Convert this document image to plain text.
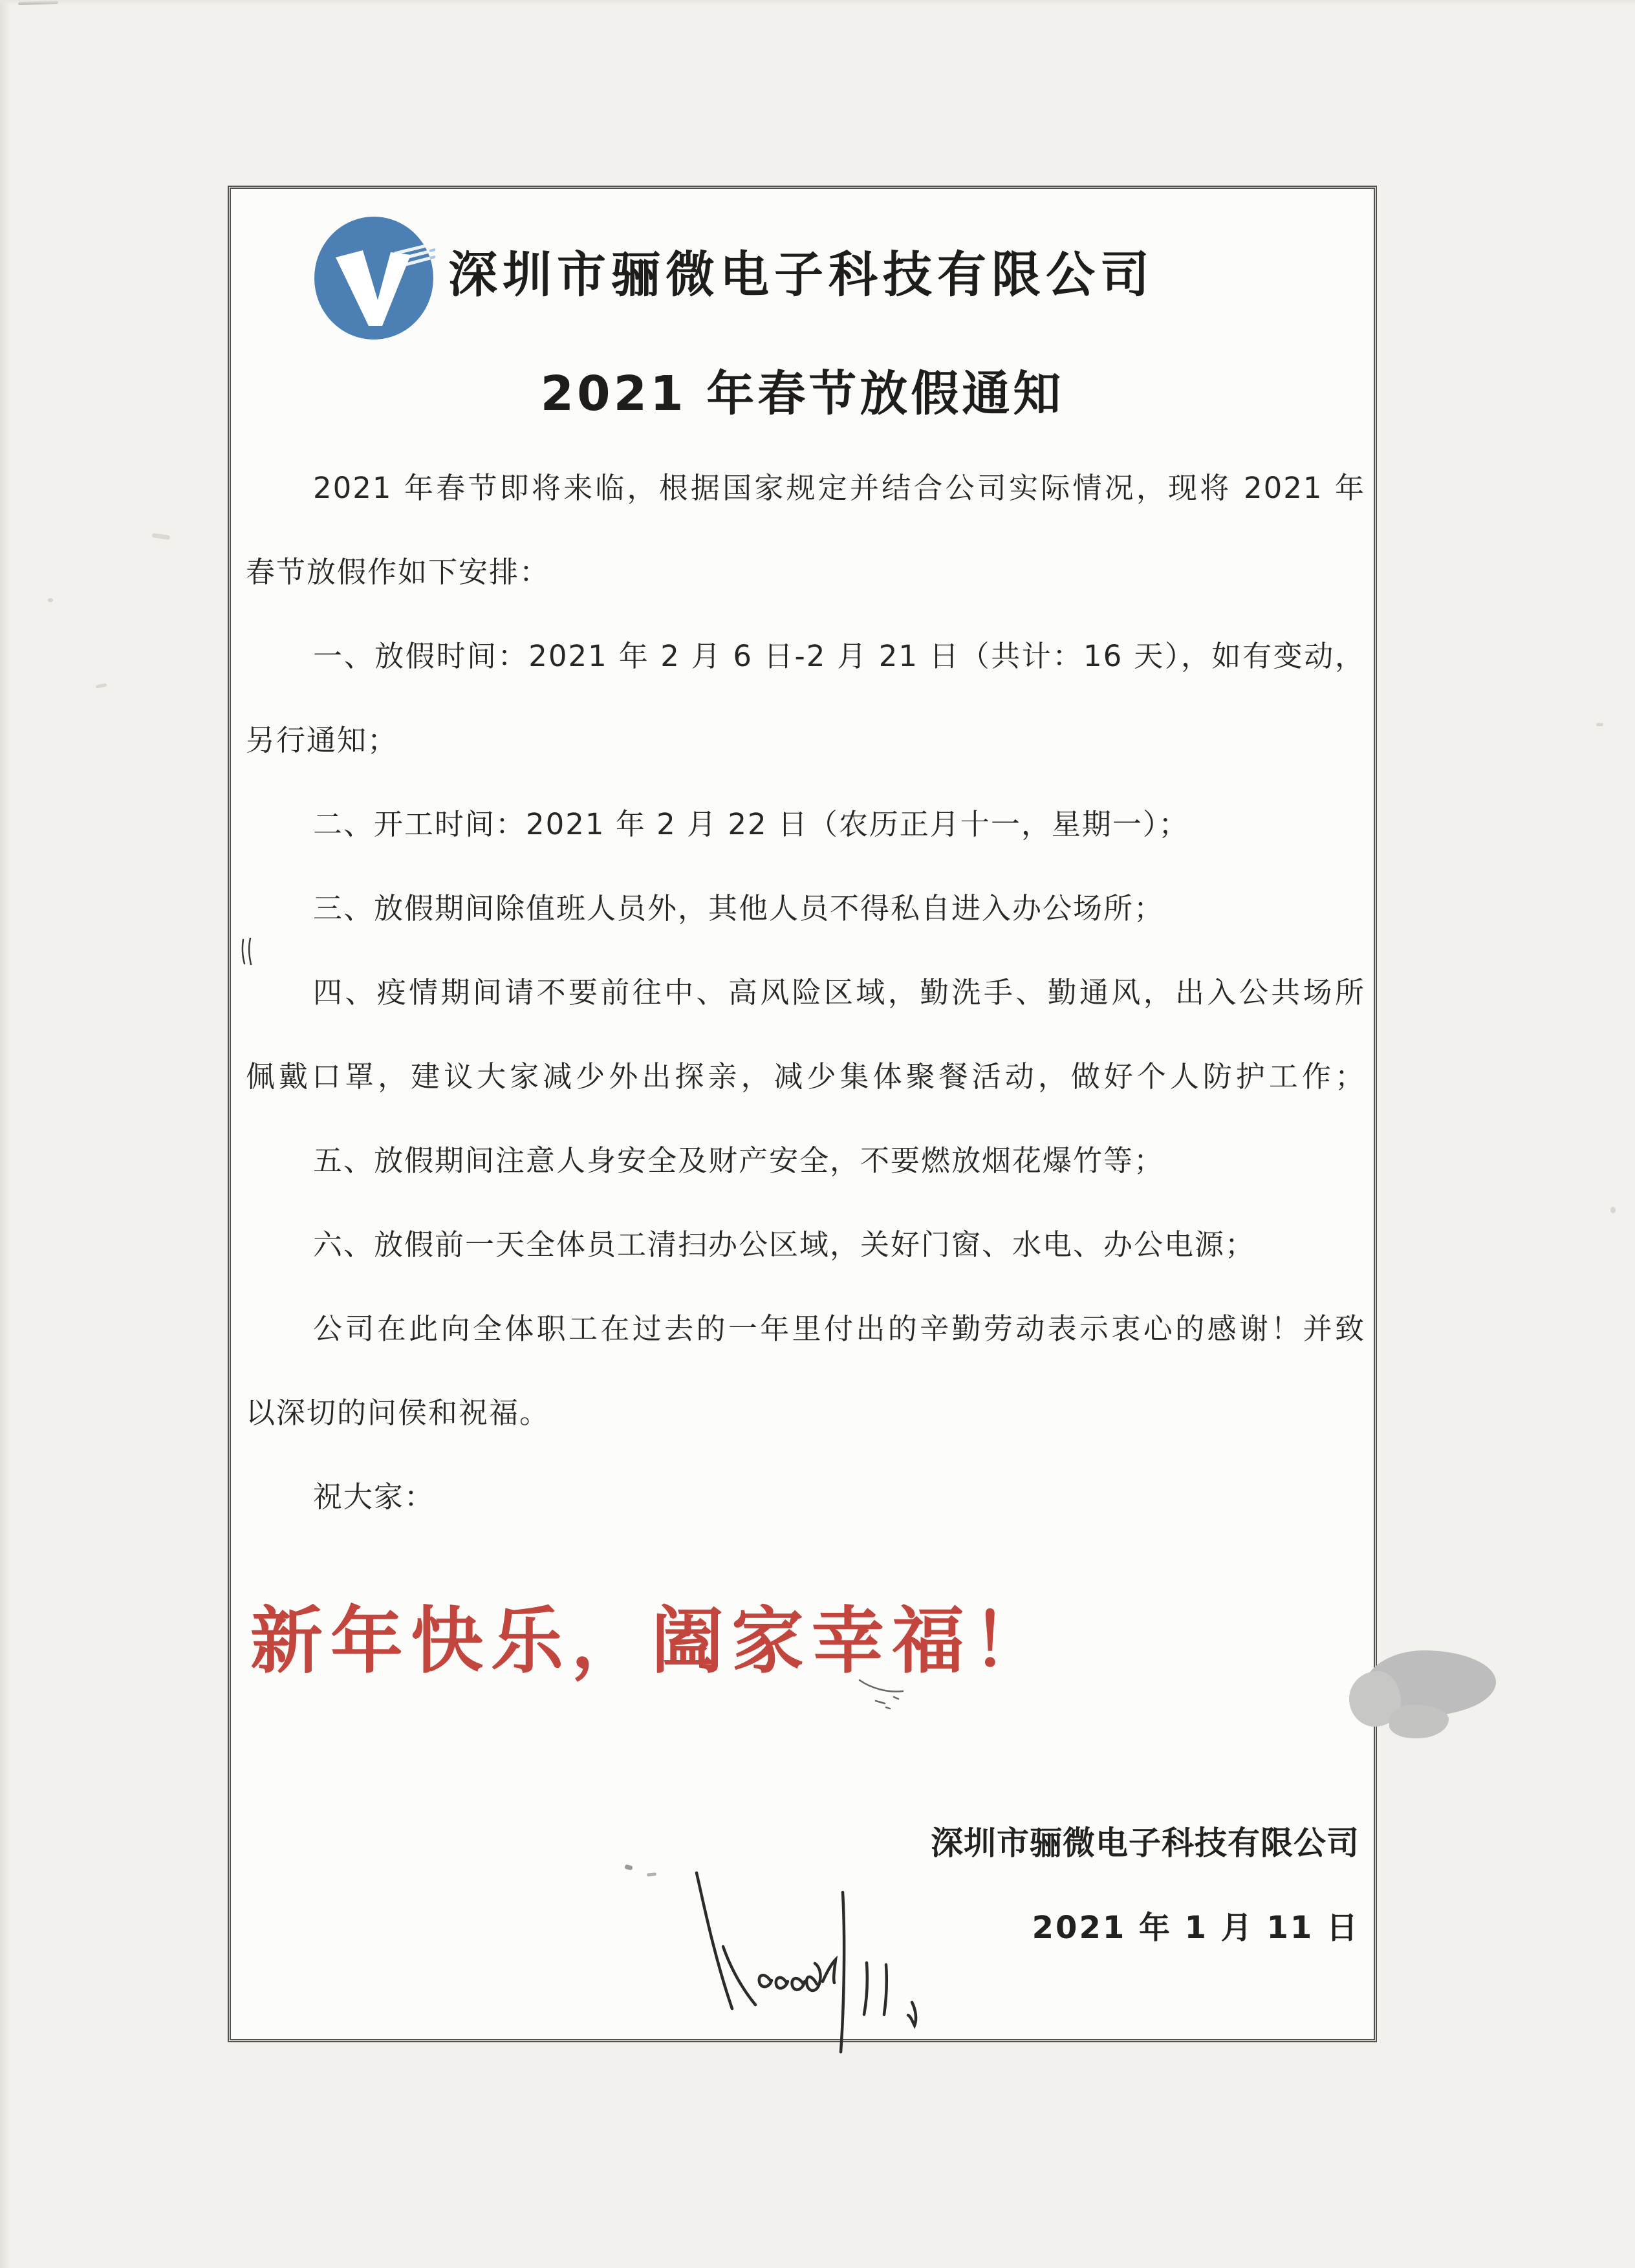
深圳市骊微电子科技有限公司
2021 年春节放假通知
2021 年春节即将来临，根据国家规定并结合公司实际情况，现将 2021 年
春节放假作如下安排：
一、放假时间：2021 年 2 月 6 日-2 月 21 日（共计：16 天），如有变动，
另行通知；
二、开工时间：2021 年 2 月 22 日（农历正月十一，星期一）；
三、放假期间除值班人员外，其他人员不得私自进入办公场所；
四、疫情期间请不要前往中、高风险区域，勤洗手、勤通风，出入公共场所
佩戴口罩，建议大家减少外出探亲，减少集体聚餐活动，做好个人防护工作；
五、放假期间注意人身安全及财产安全，不要燃放烟花爆竹等；
六、放假前一天全体员工清扫办公区域，关好门窗、水电、办公电源；
公司在此向全体职工在过去的一年里付出的辛勤劳动表示衷心的感谢！并致
以深切的问侯和祝福。
祝大家：
新年快乐，阖家幸福！
深圳市骊微电子科技有限公司
2021 年 1 月 11 日
